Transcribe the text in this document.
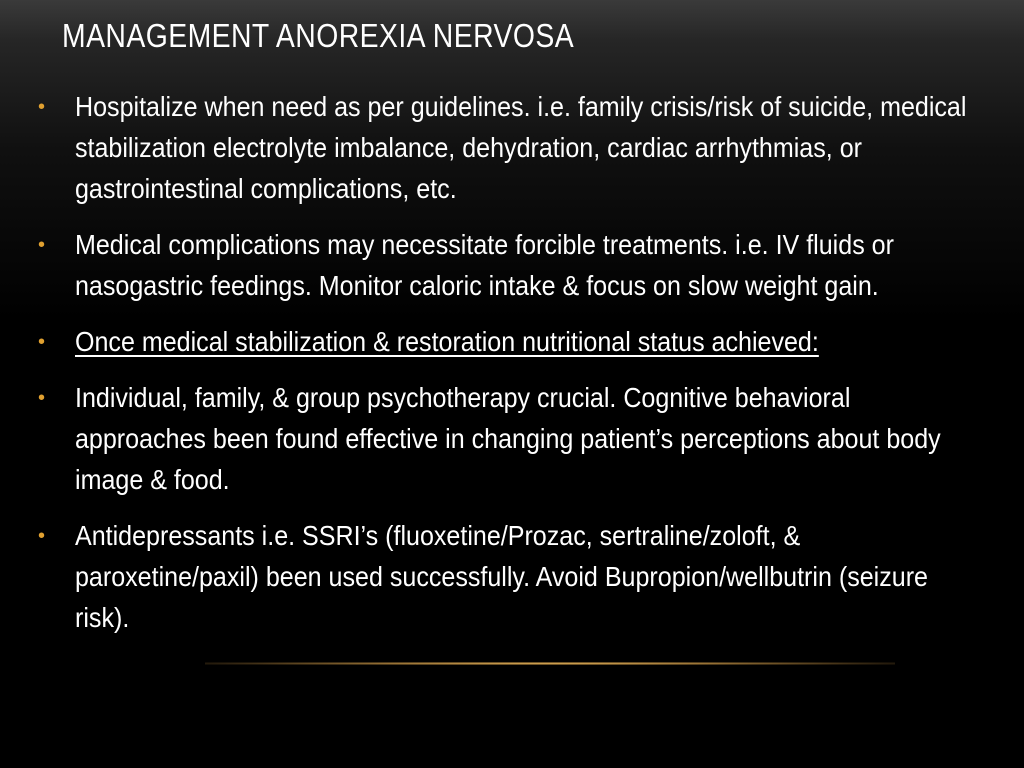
MANAGEMENT ANOREXIA NERVOSA
• Hospitalize when need as per guidelines. i.e. family crisis/risk of suicide, medical stabilization electrolyte imbalance, dehydration, cardiac arrhythmias, or gastrointestinal complications, etc.
• Medical complications may necessitate forcible treatments. i.e. IV fluids or nasogastric feedings. Monitor caloric intake & focus on slow weight gain.
• Once medical stabilization & restoration nutritional status achieved:
• Individual, family, & group psychotherapy crucial. Cognitive behavioral approaches been found effective in changing patient’s perceptions about body image & food.
• Antidepressants i.e. SSRI’s (fluoxetine/Prozac, sertraline/zoloft, & paroxetine/paxil) been used successfully. Avoid Bupropion/wellbutrin (seizure risk).
